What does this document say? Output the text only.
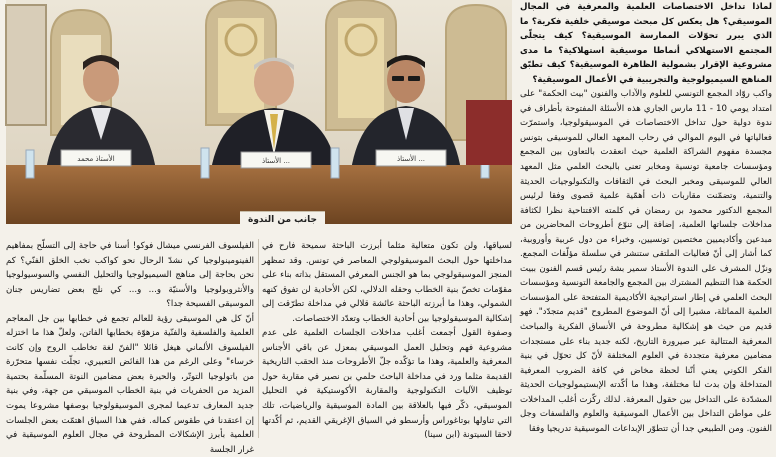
الأستاذ محمد	الأستاذ ...	الأستاذ ...
جانب من الندوة

لماذا تداخل الاختصاصات العلمية والمعرفية في المجال الموسيقي؟ هل يعكس كل مبحث موسيقي خلفية فكرية؟ ما الذي يبرر تحوّلات الممارسة الموسيقية؟ كيف يتجلّى المجتمع الاستهلاكي أنماطا موسيقية استهلاكية؟ ما مدى مشروعية الإقرار بشمولية الظاهرة الموسيقية؟ كيف تطبّق المناهج السيميولوجية والتجريبية في الأعمال الموسيقية؟

واكب روّاد المجمع التونسي للعلوم والآداب والفنون "بيت الحكمة" على امتداد يومي 10 - 11 مارس الجاري هذه الأسئلة المفتوحة بأطراف في ندوة دولية حول تداخل الاختصاصات في الموسيقولوجيا، واستمرّت فعالياتها في اليوم الموالي في رحاب المعهد العالي للموسيقى بتونس مجسدة مفهوم الشراكة العلمية حيث انعقدت بالتعاون بين المجمع ومؤسسات جامعية تونسية ومخابر تعنى بالبحث العلمي مثل المعهد العالي للموسيقى ومخبر البحث في الثقافات والتكنولوجيات الحديثة والتنمية، وتضمّنت مقاربات ذات أهمّية علمية قصوى وفقا لرئيس المجمع الدكتور محمود بن رمضان في كلمته الافتتاحية نظرا لكثافة مداخلات جلساتها العلمية، إضافة إلى تنوّع أطروحات المحاضرين من مبدعين وأكاديميين مختصين تونسيين، وخبراء من دول عربية وأوروبية، كما أشار إلى أنّ فعاليات الملتقى ستنشر في سلسلة مؤلّفات المجمع. ونزّل المشرف على الندوة الأستاذ سمير بشة رئيس قسم الفنون ببيت الحكمة هذا التنظيم المشترك بين المجمع والجامعة التونسية ومؤسسات البحث العلمي في إطار استراتيجية الأكاديمية المتفتحة على المؤسسات العلمية المماثلة، مشيرا إلى أنّ الموضوع المطروح "قديم متجدّد". فهو قديم من حيث هو إشكالية مطروحة في الأنساق الفكرية والمباحث المعرفية المتتالية عبر صيرورة التاريخ، لكنه جديد بناء على مستجدات مضامين معرفية متجددة في العلوم المختلفة لأنّ كل تحوّل في بنية الفكر الكوني يعني أنّنا لحظة مخاض في كافة الضروب المعرفية المتداخلة وإن بدت لنا مختلفة، وهذا ما أكّدته الإبستيمولوجيات الحديثة المشدّدة على التداخل بين حقول المعرفة. لذلك ركّزت أغلب المداخلات على مواطن التداخل بين الأعمال الموسيقية والعلوم والفلسفات وجل الفنون. ومن الطبيعي جدا أن تتطوّر الإبداعات الموسيقية تدريجيا وفقا

لسياقها، ولن تكون متعالية مثلما أبرزت الباحثة سميحة فارح في مداخلتها حول البحث الموسيقولوجي المعاصر في تونس. وقد تمظهر المنجز الموسيقولوجي بما هو الجنس المعرفي المستقل بذاته بناء على مقوّمات تخصّ بنية الخطاب وحقله الدلالي، لكن الأحادية لن تفوق كنهه الشمولي، وهذا ما أبرزته الباحثة عائشة قلالي في مداخلة تطرّقت إلى إشكالية الموسيقولوجيا بين أحادية الخطاب وتعدّد الاختصاصات.

وصفوة القول أجمعت أغلب مداخلات الجلسات العلمية على عدم مشروعية فهم وتحليل العمل الموسيقي بمعزل عن باقي الأجناس المعرفية والعلمية، وهذا ما تؤكّده جلّ الأطروحات منذ الحقب التاريخية القديمة مثلما ورد في مداخلة الباحث حلمي بن نصير في مقاربة حول توظيف الآليات التكنولوجية والمقاربة الأكوستيكية في التحليل الموسيقي، ذكّر فيها بالعلاقة بين المادة الموسيقية والرياضيات، تلك التي تناولها بوتاغوراس وأرسطو في السياق الإغريقي القديم، ثم أكّدتها لاحقا السيتونة (ابن سينا)

الفيلسوف الفرنسي ميشال فوكو! أسنا في حاجة إلى التسلّح بمفاهيم الفينومينولوجيا كي نشدّ الرحال نحو كواكب نخب الخلق الفنّي؟ كم نحن بحاجة إلى مناهج السيميولوجيا والتحليل النفسي والسوسيولوجيا والأنثروبولوجيا والأسنيّة و... و... كي نلج بعض تضاريس جنان الموسيقى الفسيحة جدا؟

أنّ كل هي الموسيقى رؤية للعالم تجمع في خطابها بين جل المعاجم العلمية والفلسفية والفنّية مزهوّة بخطابها الفاتن، ولعلّ هذا ما اختزله الفيلسوف الألماني هيغل قائلا "الفنّ لغة تخاطب الروح وإن كانت خرساء" وعلى الرغم من هذا الفائض التعبيري، تجلّت نفسها متحرّرة من باتولوجيا التوتّر، والحيرة بعض مضامين النوتة المسلّمة بحتمية المزيد من الحفريات في بنية الخطاب الموسيقي من جهة، وفي بنية جديد المعارف تدعيما لمجرى الموسيقولوجيا بوصفها مشروعا يموت إن اعتقدنا في طقوس كماله. ففي هذا السياق اهتمّت بعض الجلسات العلمية بأبرز الإشكالات المطروحة في مجال العلوم الموسيقية في غرار الجلسة
